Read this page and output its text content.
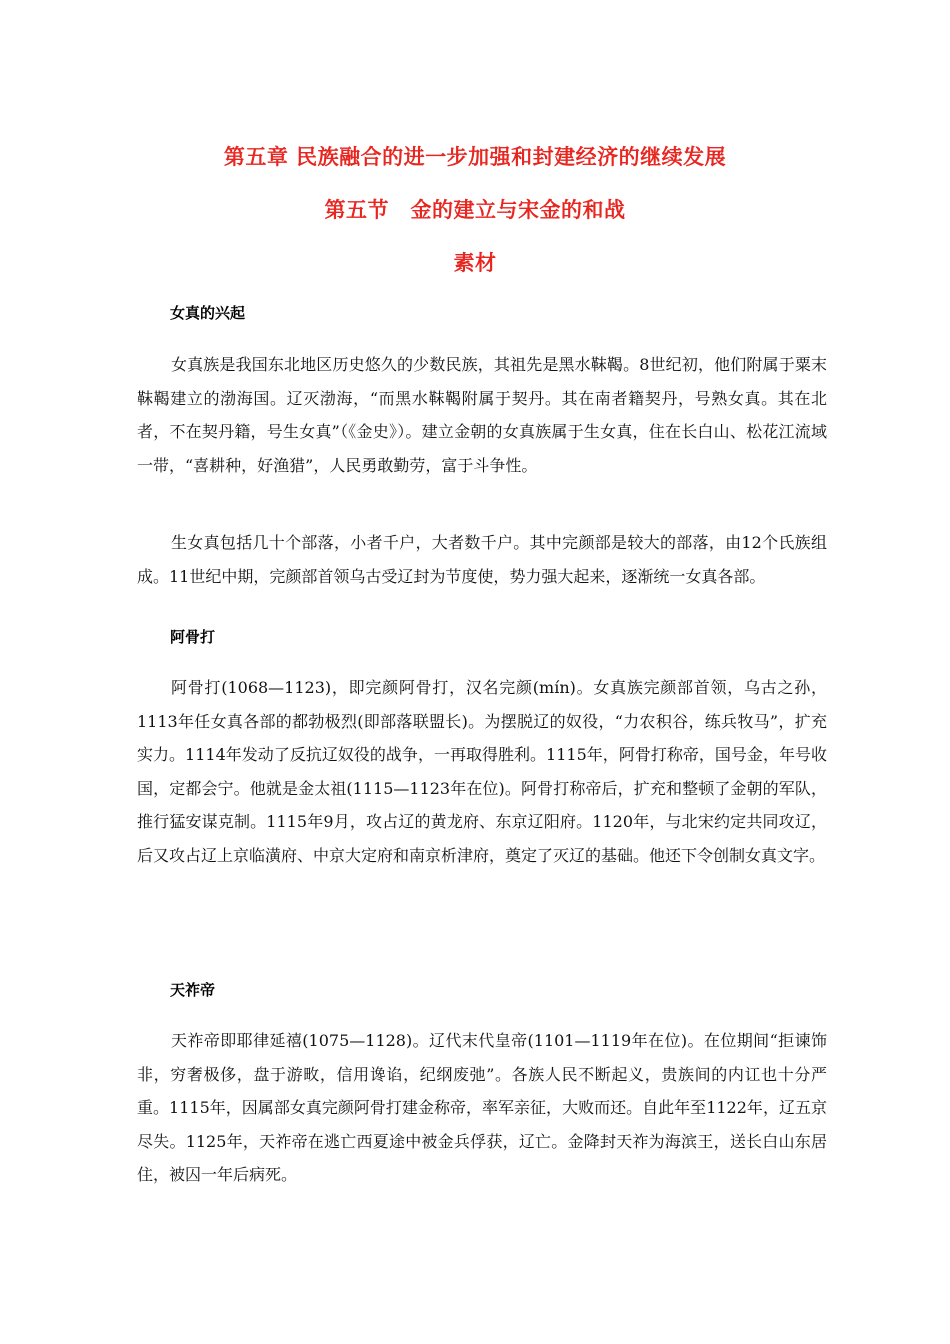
第五章 民族融合的进一步加强和封建经济的继续发展
第五节　金的建立与宋金的和战
素材
女真的兴起

女真族是我国东北地区历史悠久的少数民族，其祖先是黑水靺鞨。8世纪初，他们附属于粟末靺鞨建立的渤海国。辽灭渤海，“而黑水靺鞨附属于契丹。其在南者籍契丹，号熟女真。其在北者，不在契丹籍，号生女真”（《金史》）。建立金朝的女真族属于生女真，住在长白山、松花江流域一带，“喜耕种，好渔猎”，人民勇敢勤劳，富于斗争性。

生女真包括几十个部落，小者千户，大者数千户。其中完颜部是较大的部落，由12个氏族组成。11世纪中期，完颜部首领乌古受辽封为节度使，势力强大起来，逐渐统一女真各部。

阿骨打

阿骨打(1068—1123)，即完颜阿骨打，汉名完颜(mín)。女真族完颜部首领，乌古之孙，1113年任女真各部的都勃极烈(即部落联盟长)。为摆脱辽的奴役，“力农积谷，练兵牧马”，扩充实力。1114年发动了反抗辽奴役的战争，一再取得胜利。1115年，阿骨打称帝，国号金，年号收国，定都会宁。他就是金太祖(1115—1123年在位)。阿骨打称帝后，扩充和整顿了金朝的军队，推行猛安谋克制。1115年9月，攻占辽的黄龙府、东京辽阳府。1120年，与北宋约定共同攻辽，后又攻占辽上京临潢府、中京大定府和南京析津府，奠定了灭辽的基础。他还下令创制女真文字。

天祚帝

天祚帝即耶律延禧(1075—1128)。辽代末代皇帝(1101—1119年在位)。在位期间“拒谏饰非，穷奢极侈，盘于游畋，信用谗谄，纪纲废弛”。各族人民不断起义，贵族间的内讧也十分严重。1115年，因属部女真完颜阿骨打建金称帝，率军亲征，大败而还。自此年至1122年，辽五京尽失。1125年，天祚帝在逃亡西夏途中被金兵俘获，辽亡。金降封天祚为海滨王，送长白山东居住，被囚一年后病死。
